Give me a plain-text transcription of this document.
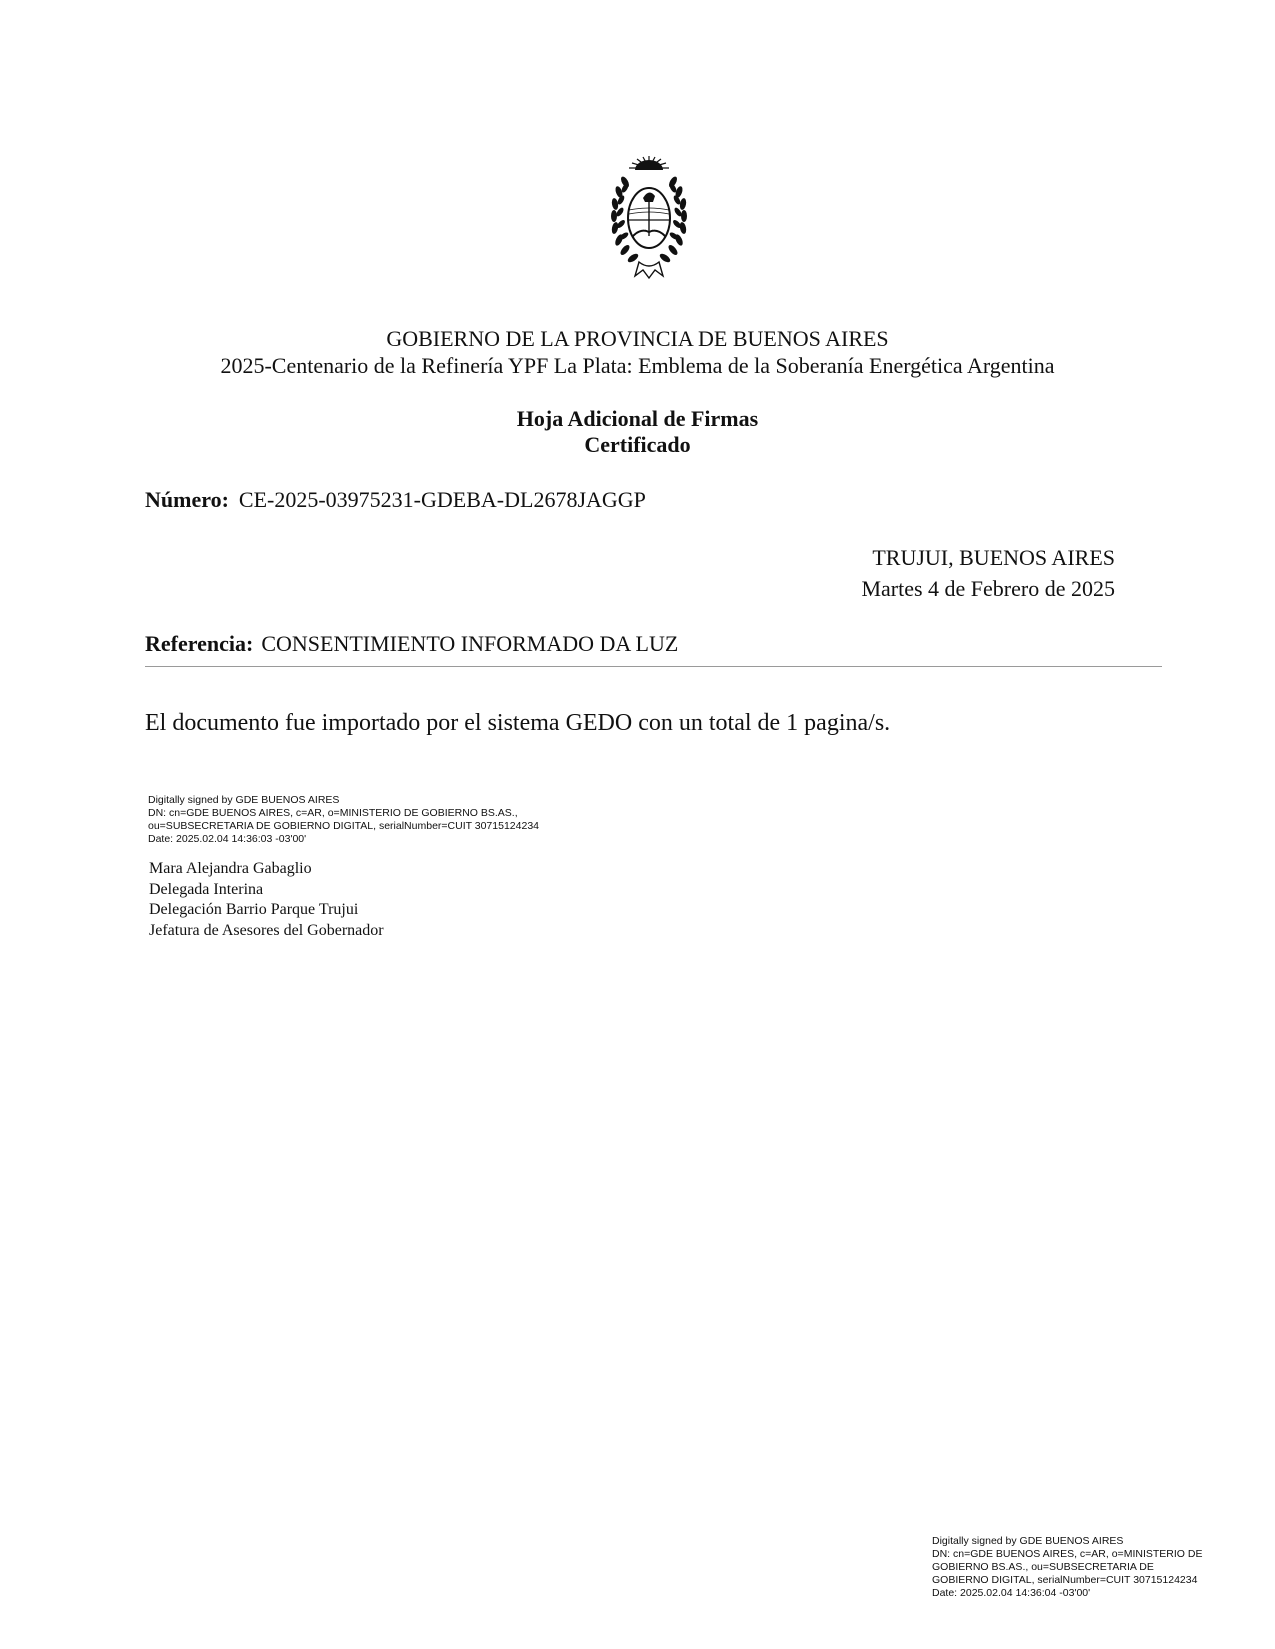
GOBIERNO DE LA PROVINCIA DE BUENOS AIRES
2025-Centenario de la Refinería YPF La Plata: Emblema de la Soberanía Energética Argentina
Hoja Adicional de Firmas
Certificado
Número: CE-2025-03975231-GDEBA-DL2678JAGGP
TRUJUI, BUENOS AIRES
Martes 4 de Febrero de 2025
Referencia: CONSENTIMIENTO INFORMADO DA LUZ
El documento fue importado por el sistema GEDO con un total de 1 pagina/s.
Digitally signed by GDE BUENOS AIRES
DN: cn=GDE BUENOS AIRES, c=AR, o=MINISTERIO DE GOBIERNO BS.AS.,
ou=SUBSECRETARIA DE GOBIERNO DIGITAL, serialNumber=CUIT 30715124234
Date: 2025.02.04 14:36:03 -03'00'
Mara Alejandra Gabaglio
Delegada Interina
Delegación Barrio Parque Trujui
Jefatura de Asesores del Gobernador
Digitally signed by GDE BUENOS AIRES
DN: cn=GDE BUENOS AIRES, c=AR, o=MINISTERIO DE
GOBIERNO BS.AS., ou=SUBSECRETARIA DE
GOBIERNO DIGITAL, serialNumber=CUIT 30715124234
Date: 2025.02.04 14:36:04 -03'00'
